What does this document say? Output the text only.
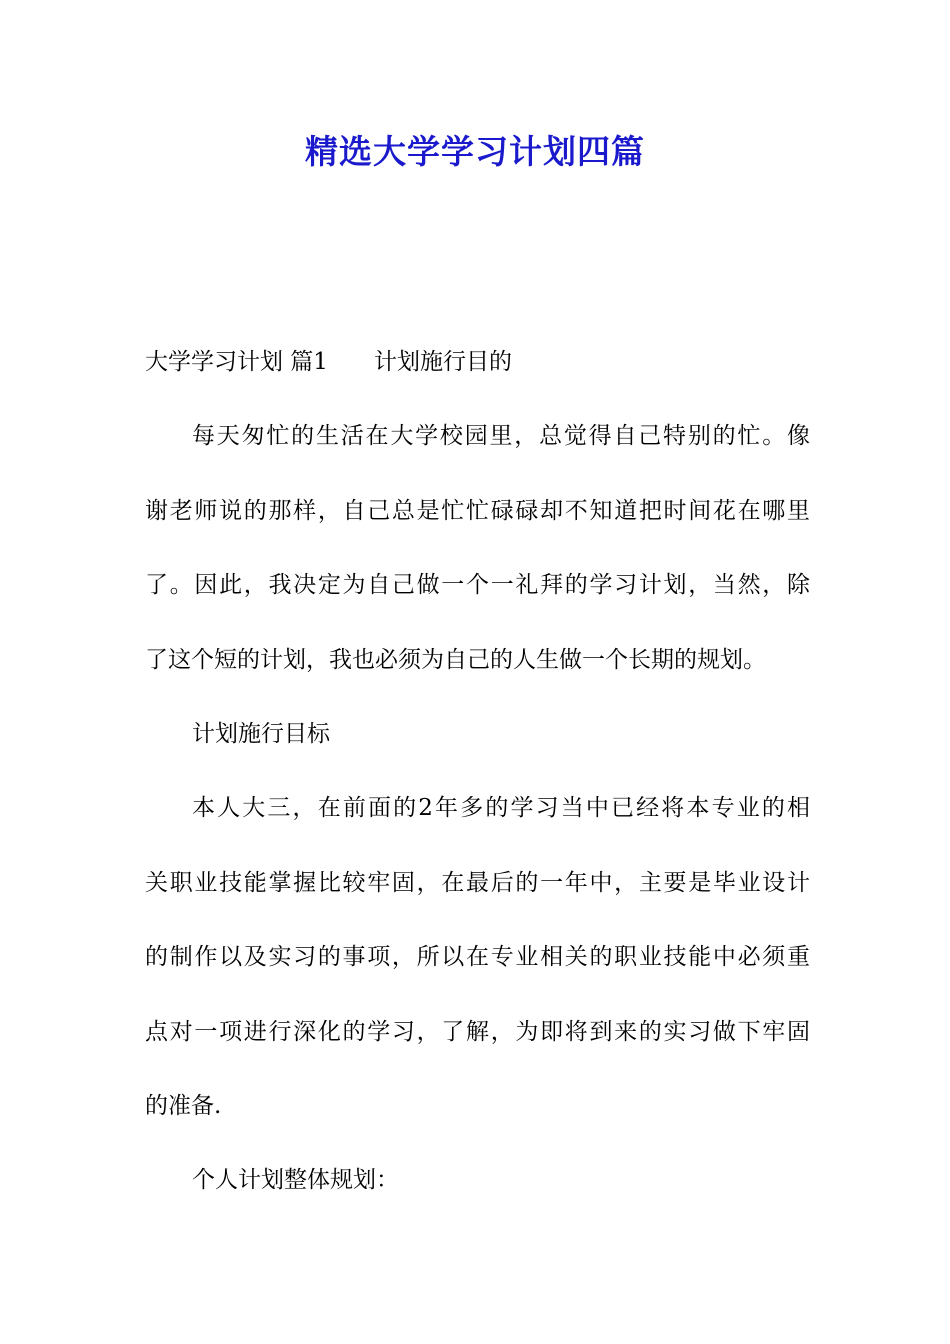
精选大学学习计划四篇
大学学习计划 篇1 计划施行目的
每天匆忙的生活在大学校园里，总觉得自己特别的忙。像
谢老师说的那样，自己总是忙忙碌碌却不知道把时间花在哪里
了。因此，我决定为自己做一个一礼拜的学习计划，当然，除
了这个短的计划，我也必须为自己的人生做一个长期的规划。
计划施行目标
本人大三，在前面的2年多的学习当中已经将本专业的相
关职业技能掌握比较牢固，在最后的一年中，主要是毕业设计
的制作以及实习的事项，所以在专业相关的职业技能中必须重
点对一项进行深化的学习，了解，为即将到来的实习做下牢固
的准备.
个人计划整体规划：
